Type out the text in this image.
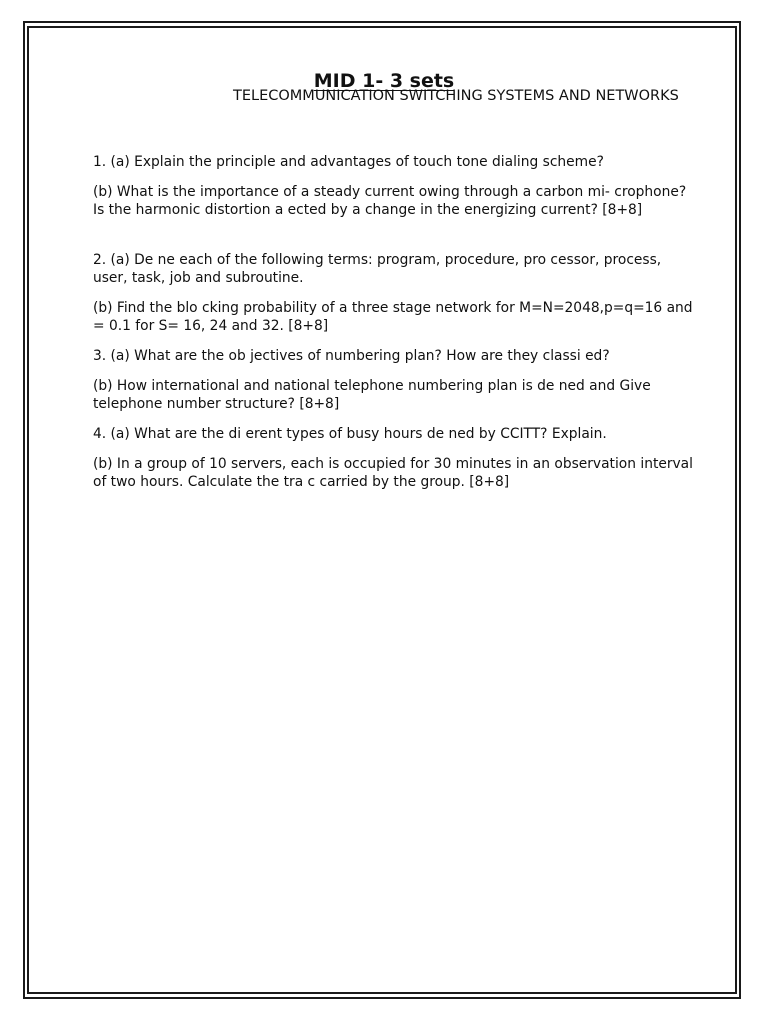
MID 1- 3 sets

TELECOMMUNICATION SWITCHING SYSTEMS AND NETWORKS

1. (a) Explain the principle and advantages of touch tone dialing scheme?

(b) What is the importance of a steady current owing through a carbon mi- crophone? Is the harmonic distortion a ected by a change in the energizing current? [8+8]

2. (a) De ne each of the following terms: program, procedure, pro cessor, process, user, task, job and subroutine.

(b) Find the blo cking probability of a three stage network for M=N=2048,p=q=16 and = 0.1 for S= 16, 24 and 32. [8+8]

3. (a) What are the ob jectives of numbering plan? How are they classi ed?

(b) How international and national telephone numbering plan is de ned and Give telephone number structure? [8+8]

4. (a) What are the di erent types of busy hours de ned by CCITT? Explain.

(b) In a group of 10 servers, each is occupied for 30 minutes in an observation interval of two hours. Calculate the tra c carried by the group. [8+8]
